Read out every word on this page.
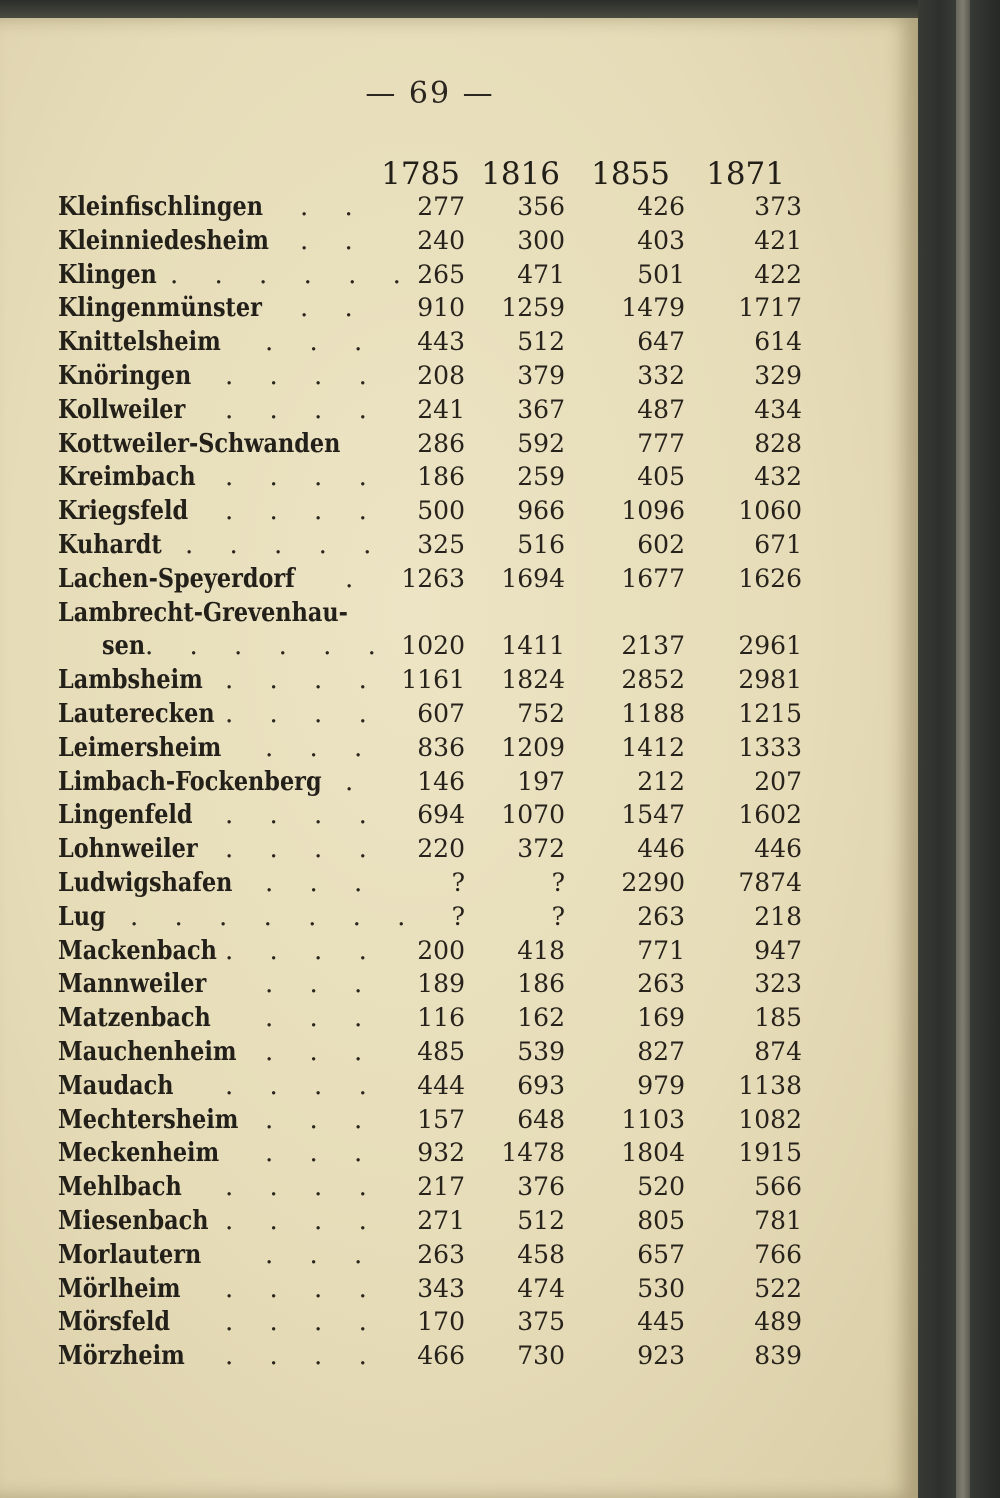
— 69 —
1785 1816	1855	1871
Kleinfischlingen . .	277	356	426	373
Kleinniedesheim . .	240	300	403	421
Klingen . . . . . . 265	471	501	422
Klingenmünster . .	910	1259	1479	1717
Knittelsheim . . .	443	512	647	614
Knöringen . . . .	208	379	332	329
Kollweiler . . . .	241	367	487	434
Kottweiler-Schwanden	286	592	777	828
Kreimbach . . . .	186	259	405	432
Kriegsfeld . . . .	500	966	1096	1060
Kuhardt . . . . .	325	516	602	671
Lachen-Speyerdorf .	1263	1694	1677	1626
Lambrecht-Grevenhau-
sen . . . . . . 1020	1411	2137	2961
Lambsheim . . . . 1161	1824	2852	2981
Lauterecken . . . .	607	752	1188	1215
Leimersheim . . .	836	1209	1412	1333
Limbach-Fockenberg .	146	197	212	207
Lingenfeld . . . .	694	1070	1547	1602
Lohnweiler . . . .	220	372	446	446
Ludwigshafen . . .	?	?	2290	7874
Lug . . . . . . .	?	?	263	218
Mackenbach . . . .	200	418	771	947
Mannweiler . . .	189	186	263	323
Matzenbach . . .	116	162	169	185
Mauchenheim . . .	485	539	827	874
Maudach . . . .	444	693	979	1138
Mechtersheim . . .	157	648	1103	1082
Meckenheim . . .	932	1478	1804	1915
Mehlbach . . . .	217	376	520	566
Miesenbach . . . .	271	512	805	781
Morlautern . . .	263	458	657	766
Mörlheim . . . .	343	474	530	522
Mörsfeld . . . .	170	375	445	489
Mörzheim . . . .	466	730	923	839
